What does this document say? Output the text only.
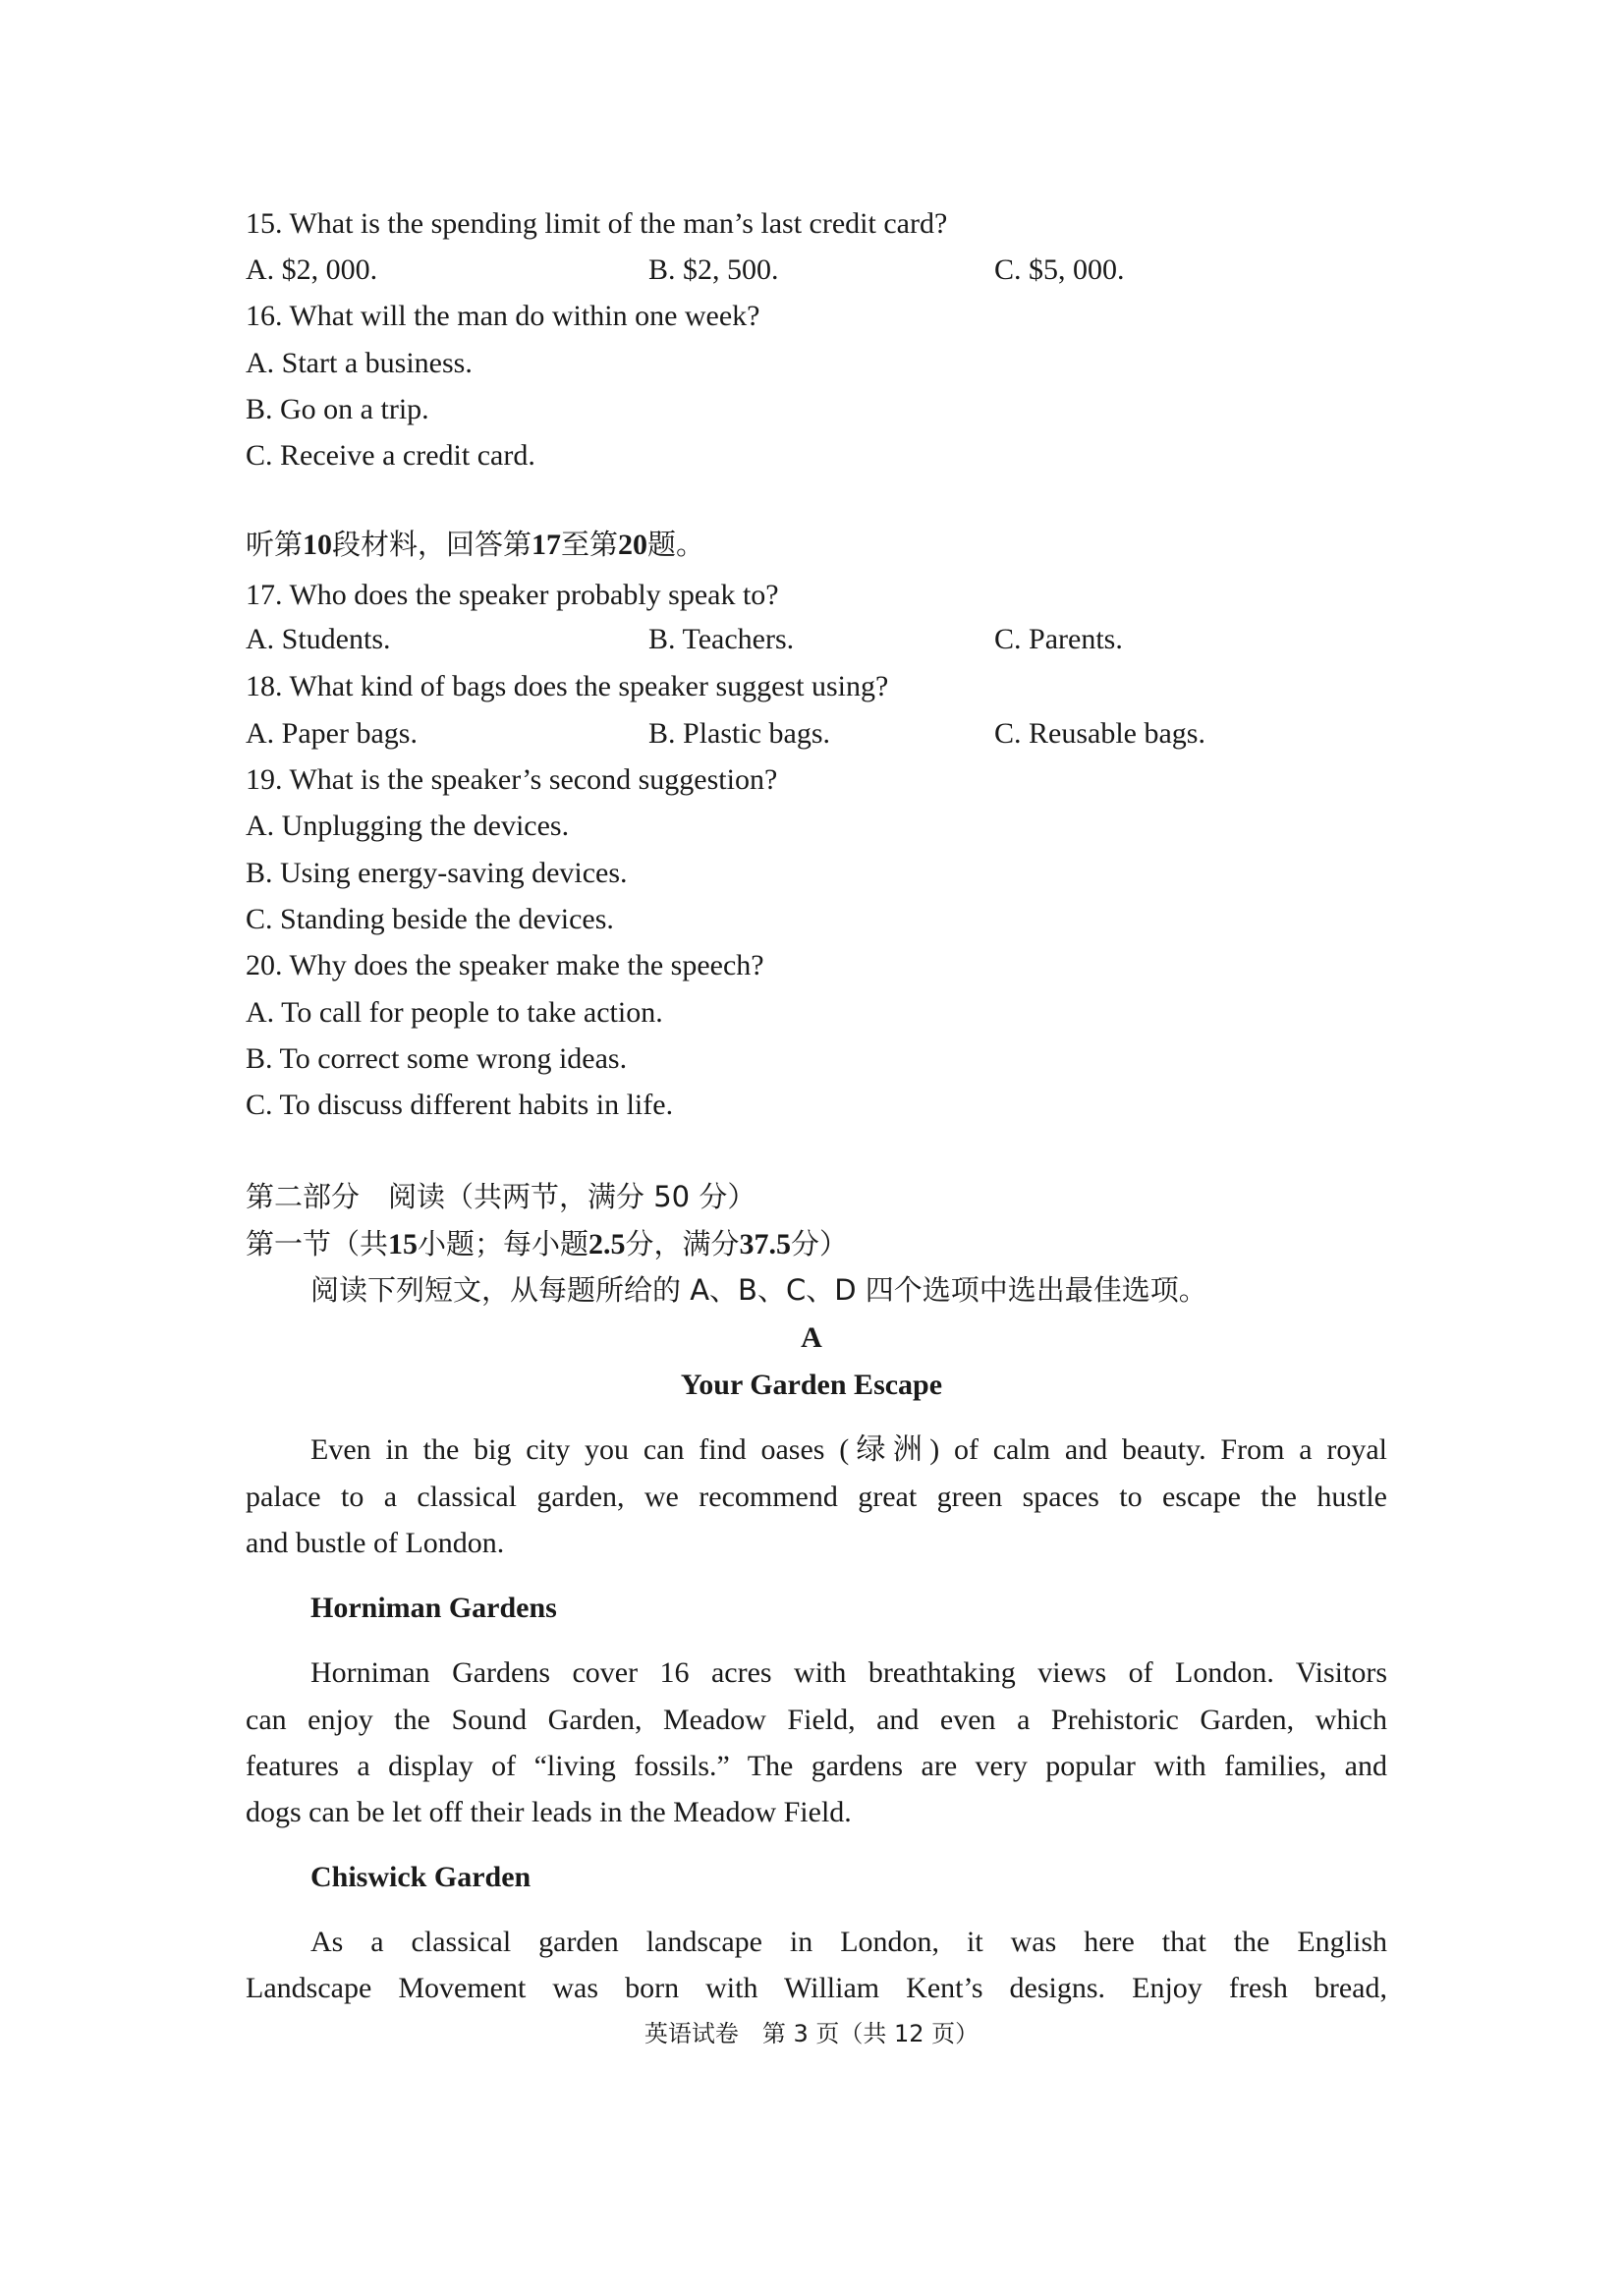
15. What is the spending limit of the man’s last credit card?
A. $2, 000.	B. $2, 500.	C. $5, 000.
16. What will the man do within one week?
A. Start a business.
B. Go on a trip.
C. Receive a credit card.
听第10段材料，回答第17至第20题。
17. Who does the speaker probably speak to?
A. Students.	B. Teachers.	C. Parents.
18. What kind of bags does the speaker suggest using?
A. Paper bags.	B. Plastic bags.	C. Reusable bags.
19. What is the speaker’s second suggestion?
A. Unplugging the devices.
B. Using energy-saving devices.
C. Standing beside the devices.
20. Why does the speaker make the speech?
A. To call for people to take action.
B. To correct some wrong ideas.
C. To discuss different habits in life.
第二部分　阅读（共两节，满分 50 分）
第一节（共15小题；每小题2.5分，满分37.5分）
阅读下列短文，从每题所给的 A、B、C、D 四个选项中选出最佳选项。
A
Your Garden Escape
Even in the big city you can find oases (绿洲) of calm and beauty. From a royal
palace to a classical garden, we recommend great green spaces to escape the hustle
and bustle of London.
Horniman Gardens
Horniman Gardens cover 16 acres with breathtaking views of London. Visitors
can enjoy the Sound Garden, Meadow Field, and even a Prehistoric Garden, which
features a display of “living fossils.” The gardens are very popular with families, and
dogs can be let off their leads in the Meadow Field.
Chiswick Garden
As a classical garden landscape in London, it was here that the English
Landscape Movement was born with William Kent’s designs. Enjoy fresh bread,
英语试卷　第 3 页（共 12 页）
